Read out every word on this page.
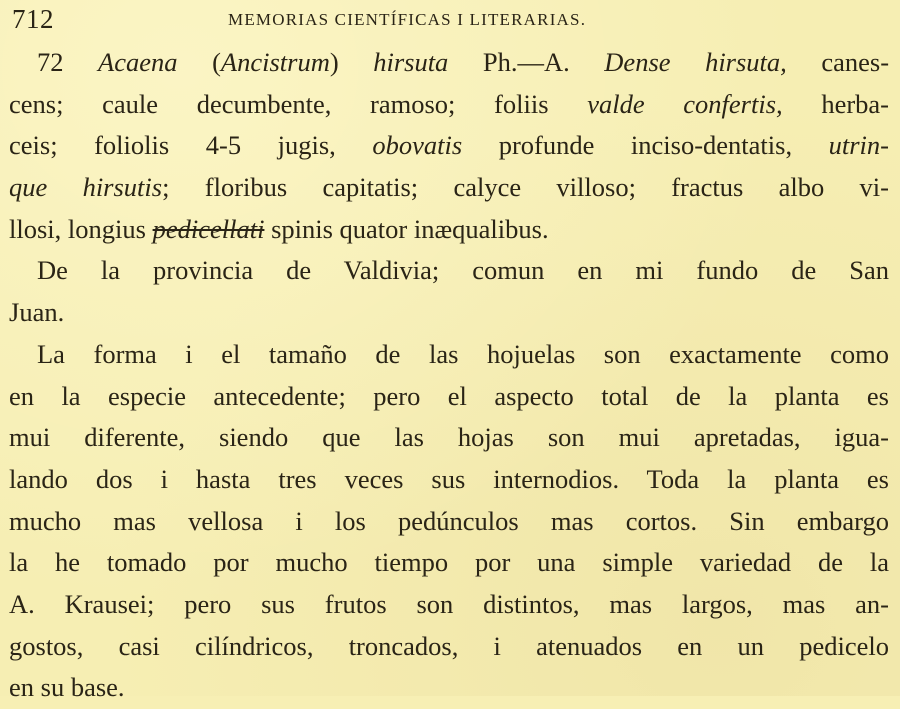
712	MEMORIAS CIENTÍFICAS I LITERARIAS.
72 Acaena (Ancistrum) hirsuta Ph.—A. Dense hirsuta, canes-
cens; caule decumbente, ramoso; foliis valde confertis, herba-
ceis; foliolis 4-5 jugis, obovatis profunde inciso-dentatis, utrin-
que hirsutis; floribus capitatis; calyce villoso; fractus albo vi-
llosi, longius pedicellati spinis quator inæqualibus.
De la provincia de Valdivia; comun en mi fundo de San
Juan.
La forma i el tamaño de las hojuelas son exactamente como
en la especie antecedente; pero el aspecto total de la planta es
mui diferente, siendo que las hojas son mui apretadas, igua-
lando dos i hasta tres veces sus internodios. Toda la planta es
mucho mas vellosa i los pedúnculos mas cortos. Sin embargo
la he tomado por mucho tiempo por una simple variedad de la
A. Krausei; pero sus frutos son distintos, mas largos, mas an-
gostos, casi cilíndricos, troncados, i atenuados en un pedicelo
en su base.
